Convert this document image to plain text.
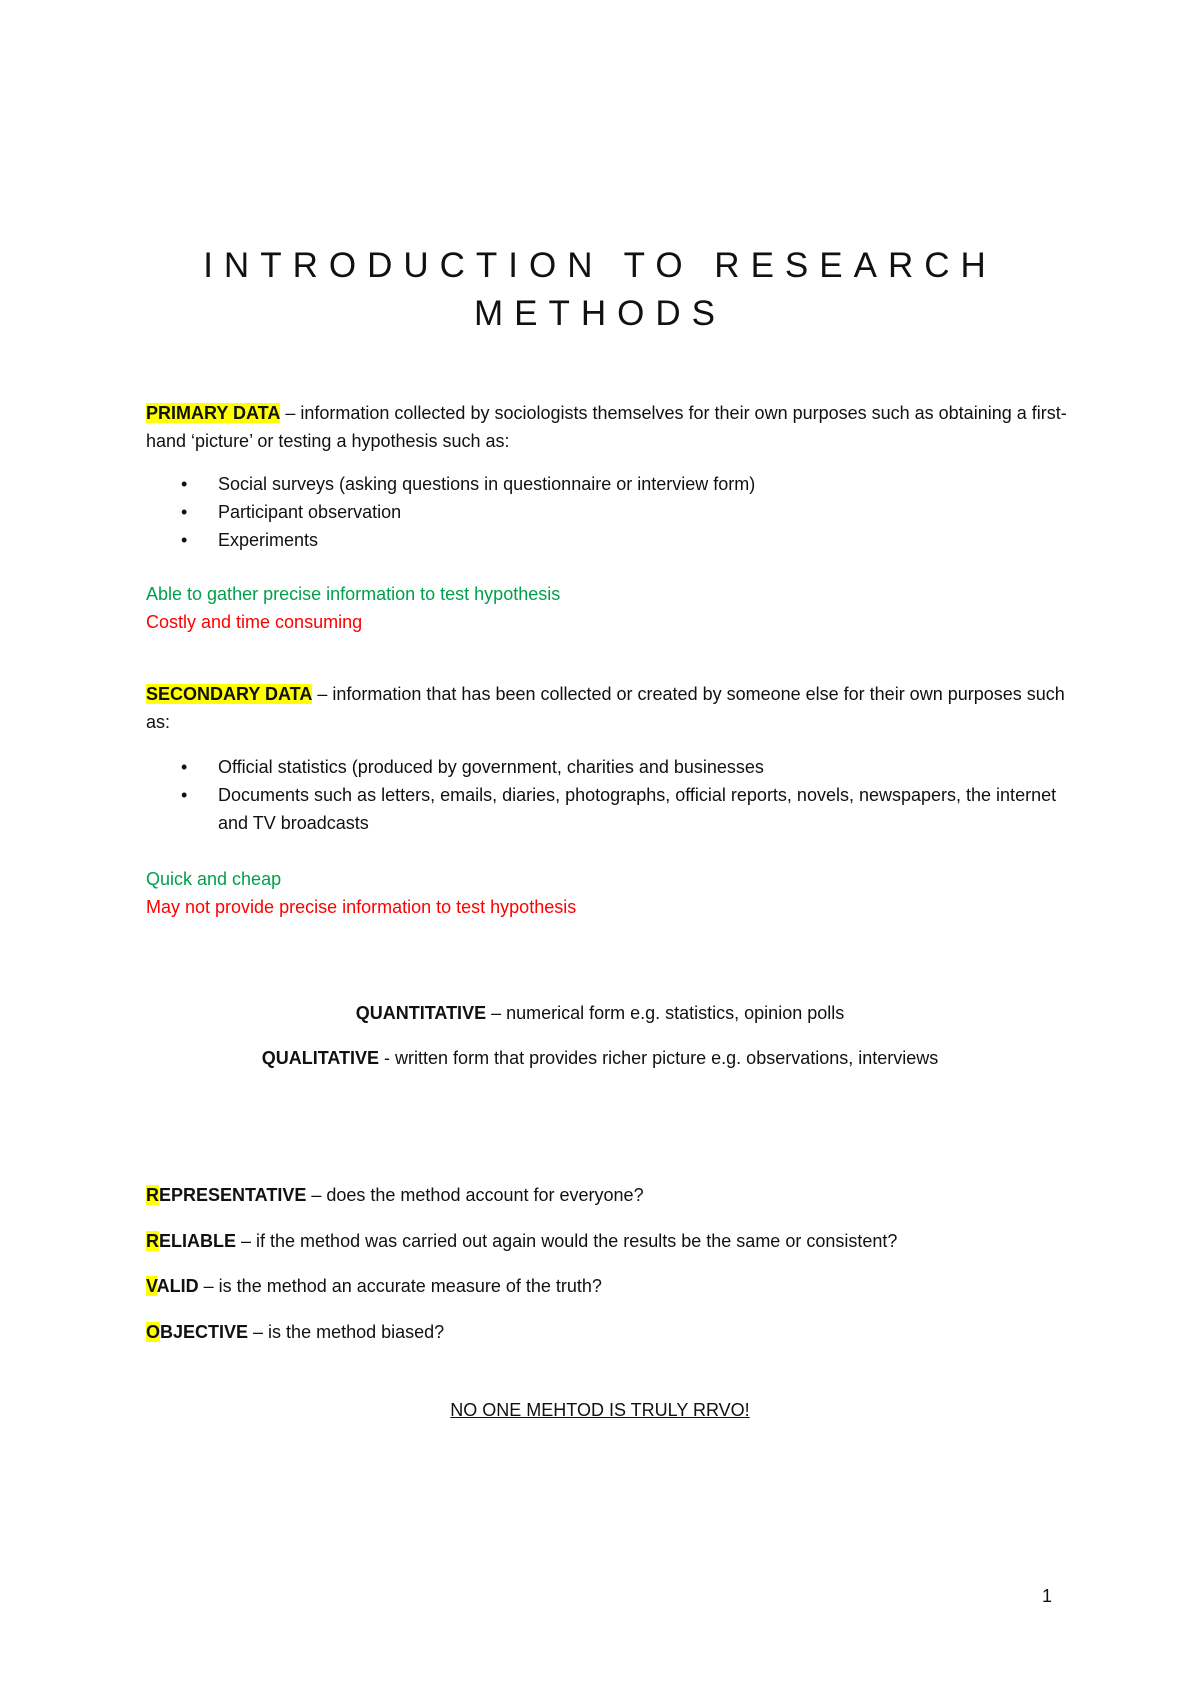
INTRODUCTION TO RESEARCH
METHODS
PRIMARY DATA – information collected by sociologists themselves for their own purposes such as obtaining a first-hand ‘picture’ or testing a hypothesis such as:
• Social surveys (asking questions in questionnaire or interview form)
• Participant observation
• Experiments
Able to gather precise information to test hypothesis
Costly and time consuming
SECONDARY DATA – information that has been collected or created by someone else for their own purposes such as:
• Official statistics (produced by government, charities and businesses
• Documents such as letters, emails, diaries, photographs, official reports, novels, newspapers, the internet and TV broadcasts
Quick and cheap
May not provide precise information to test hypothesis
QUANTITATIVE – numerical form e.g. statistics, opinion polls
QUALITATIVE - written form that provides richer picture e.g. observations, interviews
REPRESENTATIVE – does the method account for everyone?
RELIABLE – if the method was carried out again would the results be the same or consistent?
VALID – is the method an accurate measure of the truth?
OBJECTIVE – is the method biased?
NO ONE MEHTOD IS TRULY RRVO!
1
